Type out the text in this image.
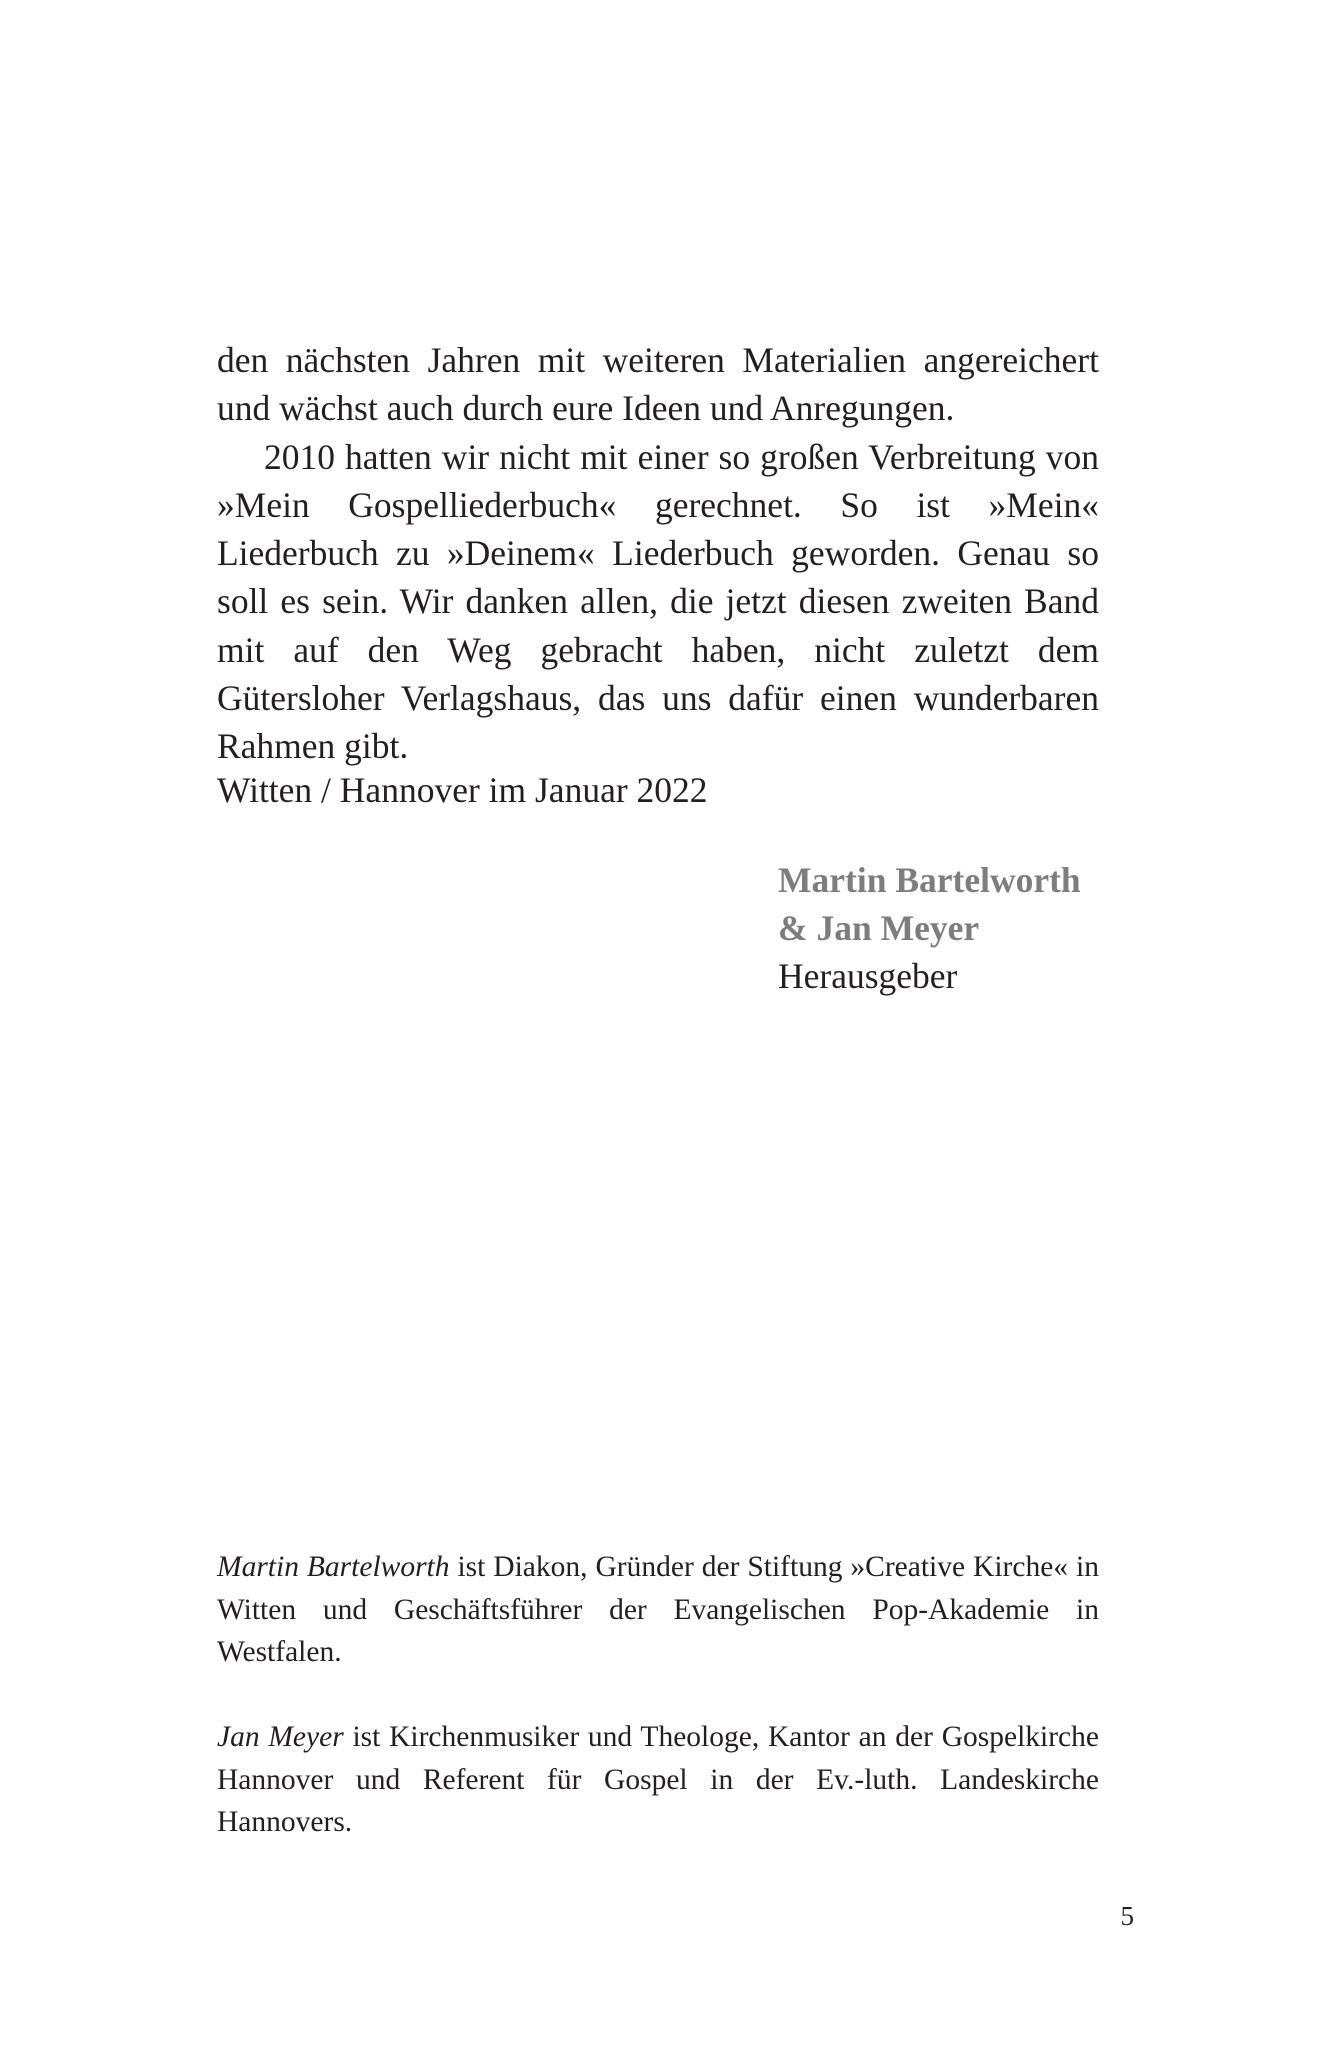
den nächsten Jahren mit weiteren Materialien angereichert und wächst auch durch eure Ideen und Anregungen.

2010 hatten wir nicht mit einer so großen Verbreitung von »Mein Gospelliederbuch« gerechnet. So ist »Mein« Liederbuch zu »Deinem« Liederbuch geworden. Genau so soll es sein. Wir danken allen, die jetzt diesen zweiten Band mit auf den Weg gebracht haben, nicht zuletzt dem Gütersloher Verlagshaus, das uns dafür einen wunderbaren Rahmen gibt.

Witten / Hannover im Januar 2022
Martin Bartelworth
& Jan Meyer
Herausgeber

Martin Bartelworth ist Diakon, Gründer der Stiftung »Creative Kirche« in Witten und Geschäftsführer der Evangelischen Pop-Akademie in Westfalen.

Jan Meyer ist Kirchenmusiker und Theologe, Kantor an der Gospelkirche Hannover und Referent für Gospel in der Ev.-luth. Landeskirche Hannovers.

5
